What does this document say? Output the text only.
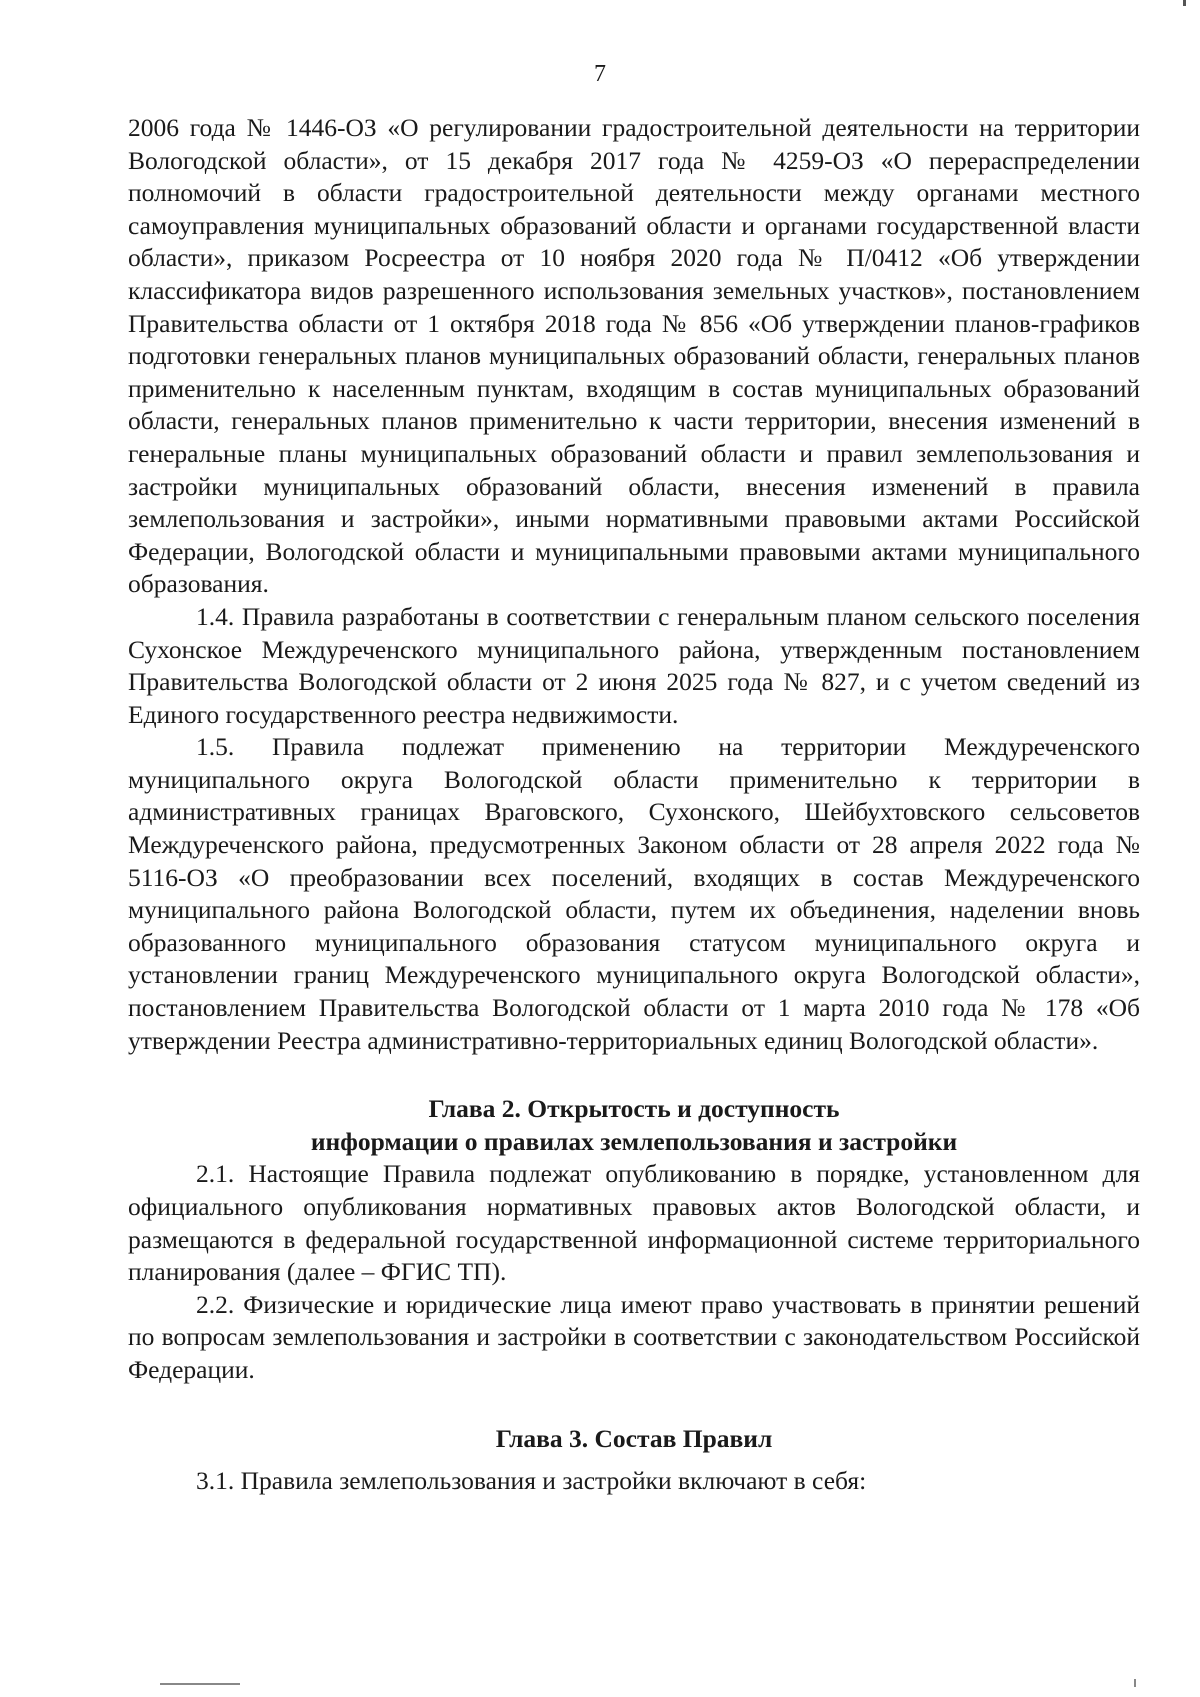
7

2006 года № 1446-ОЗ «О регулировании градостроительной деятельности на территории Вологодской области», от 15 декабря 2017 года № 4259-ОЗ «О перераспределении полномочий в области градостроительной деятельности между органами местного самоуправления муниципальных образований области и органами государственной власти области», приказом Росреестра от 10 ноября 2020 года № П/0412 «Об утверждении классификатора видов разрешенного использования земельных участков», постановлением Правительства области от 1 октября 2018 года № 856 «Об утверждении планов-графиков подготовки генеральных планов муниципальных образований области, генеральных планов применительно к населенным пунктам, входящим в состав муниципальных образований области, генеральных планов применительно к части территории, внесения изменений в генеральные планы муниципальных образований области и правил землепользования и застройки муниципальных образований области, внесения изменений в правила землепользования и застройки», иными нормативными правовыми актами Российской Федерации, Вологодской области и муниципальными правовыми актами муниципального образования.

1.4. Правила разработаны в соответствии с генеральным планом сельского поселения Сухонское Междуреченского муниципального района, утвержденным постановлением Правительства Вологодской области от 2 июня 2025 года № 827, и с учетом сведений из Единого государственного реестра недвижимости.

1.5. Правила подлежат применению на территории Междуреченского муниципального округа Вологодской области применительно к территории в административных границах Враговского, Сухонского, Шейбухтовского сельсоветов Междуреченского района, предусмотренных Законом области от 28 апреля 2022 года № 5116-ОЗ «О преобразовании всех поселений, входящих в состав Междуреченского муниципального района Вологодской области, путем их объединения, наделении вновь образованного муниципального образования статусом муниципального округа и установлении границ Междуреченского муниципального округа Вологодской области», постановлением Правительства Вологодской области от 1 марта 2010 года № 178 «Об утверждении Реестра административно-территориальных единиц Вологодской области».

Глава 2. Открытость и доступность
информации о правилах землепользования и застройки

2.1. Настоящие Правила подлежат опубликованию в порядке, установленном для официального опубликования нормативных правовых актов Вологодской области, и размещаются в федеральной государственной информационной системе территориального планирования (далее – ФГИС ТП).

2.2. Физические и юридические лица имеют право участвовать в принятии решений по вопросам землепользования и застройки в соответствии с законодательством Российской Федерации.

Глава 3. Состав Правил

3.1. Правила землепользования и застройки включают в себя:
